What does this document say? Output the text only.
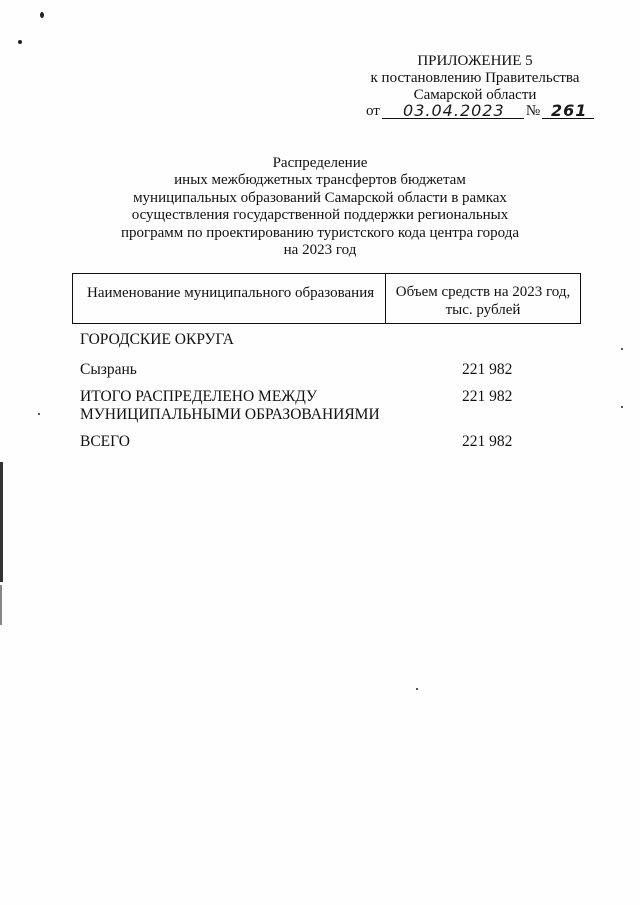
ПРИЛОЖЕНИЕ 5
к постановлению Правительства
Самарской области
от	03.04.2023	№ 261
Распределение
иных межбюджетных трансфертов бюджетам
муниципальных образований Самарской области в рамках
осуществления государственной поддержки региональных
программ по проектированию туристского кода центра города
на 2023 год
Наименование муниципального образования	Объем средств на 2023 год,
тыс. рублей
ГОРОДСКИЕ ОКРУГА
Сызрань	221 982
ИТОГО РАСПРЕДЕЛЕНО МЕЖДУ
МУНИЦИПАЛЬНЫМИ ОБРАЗОВАНИЯМИ
221 982
ВСЕГО	221 982
